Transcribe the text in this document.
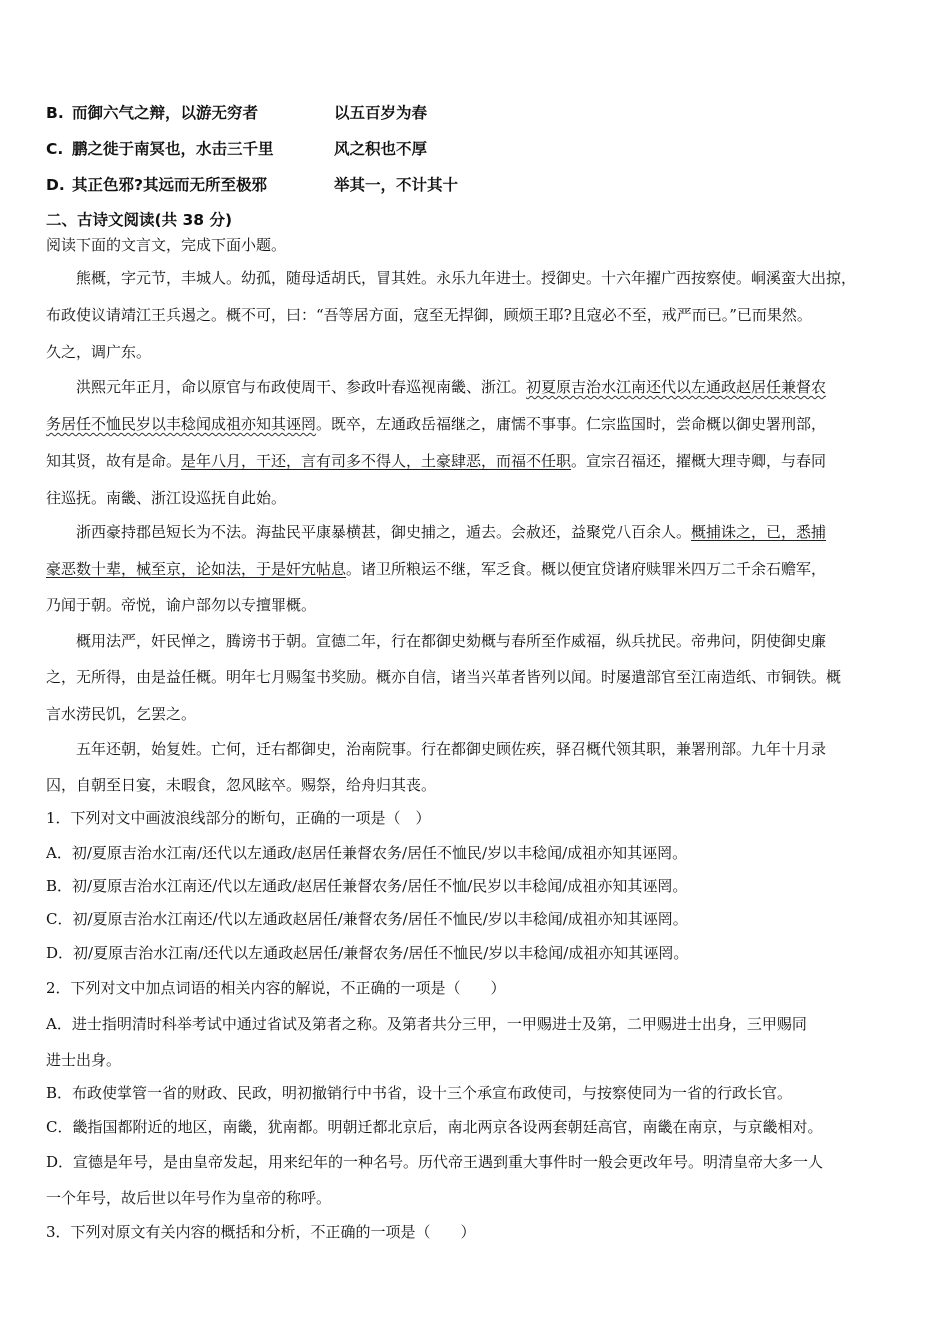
B. 而御六气之辩，以游无穷者	以五百岁为春
C. 鹏之徙于南冥也，水击三千里	风之积也不厚
D. 其正色邪?其远而无所至极邪	举其一，不计其十
二、古诗文阅读(共 38 分)
阅读下面的文言文，完成下面小题。
熊概，字元节，丰城人。幼孤，随母适胡氏，冒其姓。永乐九年进士。授御史。十六年擢广西按察使。峒溪蛮大出掠，
布政使议请靖江王兵遏之。概不可，曰：“吾等居方面，寇至无捍御，顾烦王耶?且寇必不至，戒严而已。”已而果然。
久之，调广东。
洪熙元年正月，命以原官与布政使周干、参政叶春巡视南畿、浙江。初夏原吉治水江南还代以左通政赵居任兼督农
务居任不恤民岁以丰稔闻成祖亦知其诬罔。既卒，左通政岳福继之，庸懦不事事。仁宗监国时，尝命概以御史署刑部，
知其贤，故有是命。是年八月，干还，言有司多不得人，土豪肆恶，而福不任职。宣宗召福还，擢概大理寺卿，与春同
往巡抚。南畿、浙江设巡抚自此始。
浙西豪持郡邑短长为不法。海盐民平康暴横甚，御史捕之，遁去。会赦还，益聚党八百余人。概捕诛之，已，悉捕
豪恶数十辈，械至京，论如法，于是奸宄帖息。诸卫所粮运不继，军乏食。概以便宜贷诸府赎罪米四万二千余石赡军，
乃闻于朝。帝悦，谕户部勿以专擅罪概。
概用法严，奸民惮之，腾谤书于朝。宣德二年，行在都御史劾概与春所至作威福，纵兵扰民。帝弗问，阴使御史廉
之，无所得，由是益任概。明年七月赐玺书奖励。概亦自信，诸当兴革者皆列以闻。时屡遣部官至江南造纸、市铜铁。概
言水涝民饥，乞罢之。
五年还朝，始复姓。亡何，迁右都御史，治南院事。行在都御史顾佐疾，驿召概代领其职，兼署刑部。九年十月录
囚，自朝至日宴，未暇食，忽风眩卒。赐祭，给舟归其丧。
1．下列对文中画波浪线部分的断句，正确的一项是（　）
A．初/夏原吉治水江南/还代以左通政/赵居任兼督农务/居任不恤民/岁以丰稔闻/成祖亦知其诬罔。
B．初/夏原吉治水江南还/代以左通政/赵居任兼督农务/居任不恤/民岁以丰稔闻/成祖亦知其诬罔。
C．初/夏原吉治水江南还/代以左通政赵居任/兼督农务/居任不恤民/岁以丰稔闻/成祖亦知其诬罔。
D．初/夏原吉治水江南/还代以左通政赵居任/兼督农务/居任不恤民/岁以丰稔闻/成祖亦知其诬罔。
2．下列对文中加点词语的相关内容的解说，不正确的一项是（　　）
A．进士指明清时科举考试中通过省试及第者之称。及第者共分三甲，一甲赐进士及第，二甲赐进士出身，三甲赐同
进士出身。
B．布政使掌管一省的财政、民政，明初撤销行中书省，设十三个承宣布政使司，与按察使同为一省的行政长官。
C．畿指国都附近的地区，南畿，犹南都。明朝迁都北京后，南北两京各设两套朝廷高官，南畿在南京，与京畿相对。
D．宣德是年号，是由皇帝发起，用来纪年的一种名号。历代帝王遇到重大事件时一般会更改年号。明清皇帝大多一人
一个年号，故后世以年号作为皇帝的称呼。
3．下列对原文有关内容的概括和分析，不正确的一项是（　　）
